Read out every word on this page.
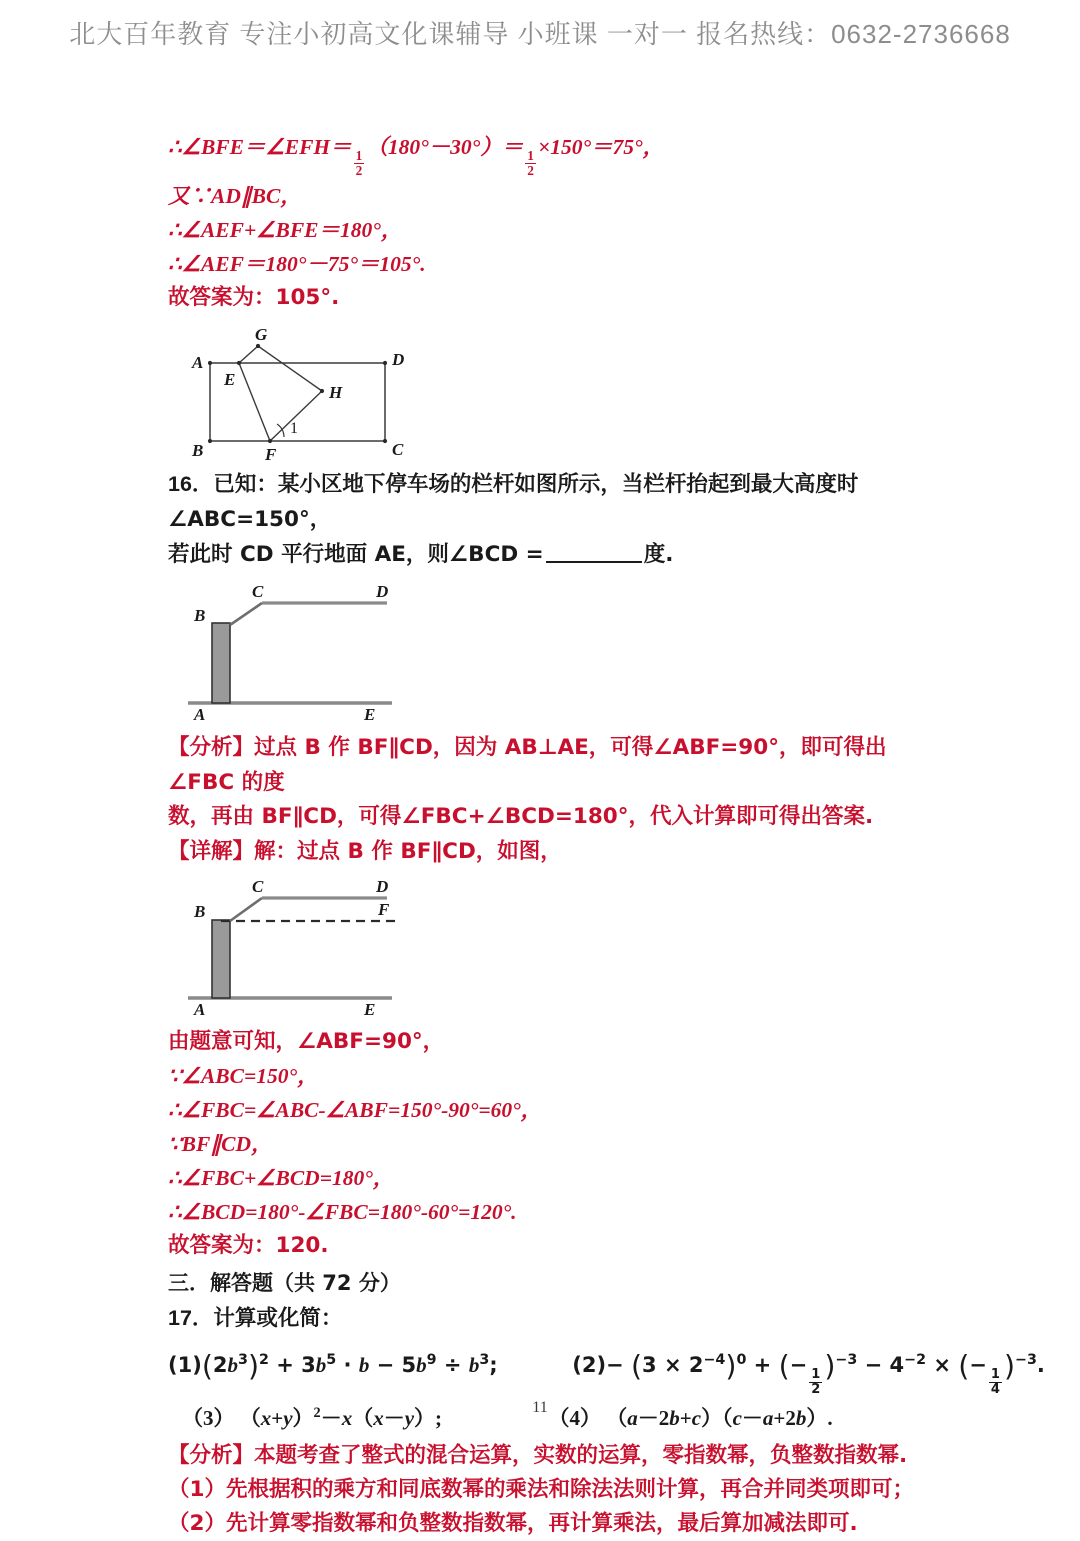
北大百年教育 专注小初高文化课辅导 小班课 一对一 报名热线：0632-2736668
∴∠BFE＝∠EFH＝
$\frac{1}{2}$
（180°－30°）＝
$\frac{1}{2}$
×150°＝75°，
又∵AD∥BC，
∴∠AEF+∠BFE＝180°，
∴∠AEF＝180°－75°＝105°.
故答案为：105°.
A	D
B	C
E
F
G
H
1
16．已知：某小区地下停车场的栏杆如图所示，当栏杆抬起到最大高度时∠ABC=150°，
若此时 CD 平行地面 AE，则∠BCD =	度.
A
B
C	D
E
【分析】过点 B 作 BF∥CD，因为 AB⊥AE，可得∠ABF=90°，即可得出∠FBC 的度
数，再由 BF∥CD，可得∠FBC+∠BCD=180°，代入计算即可得出答案.
【详解】解：过点 B 作 BF∥CD，如图，
A
B
C	D
E
F
由题意可知，∠ABF=90°，
∵∠ABC=150°，
∴∠FBC=∠ABC-∠ABF=150°-90°=60°，
∵BF∥CD，
∴∠FBC+∠BCD=180°，
∴∠BCD=180°-∠FBC=180°-60°=120°.
故答案为：120.
三．解答题（共 72 分）
17．计算或化简：
$(1)(2b^3)^2 + 3b^5 \cdot b - 5b^9 \div b^3$;	$(2)- (3 \times 2^{-4})^0$ + (−
$\frac{1}{2} )^{-3} - 4^{-2}$ × (−
$\frac{1}{4} )^{-3}$.
（3） $(x+y)^2-x(x-y)$;	（4） （a－2b+c）（c－a+2b）.
【分析】本题考查了整式的混合运算，实数的运算，零指数幂，负整数指数幂.
（1）先根据积的乘方和同底数幂的乘法和除法法则计算，再合并同类项即可；
（2）先计算零指数幂和负整数指数幂，再计算乘法，最后算加减法即可.
11
